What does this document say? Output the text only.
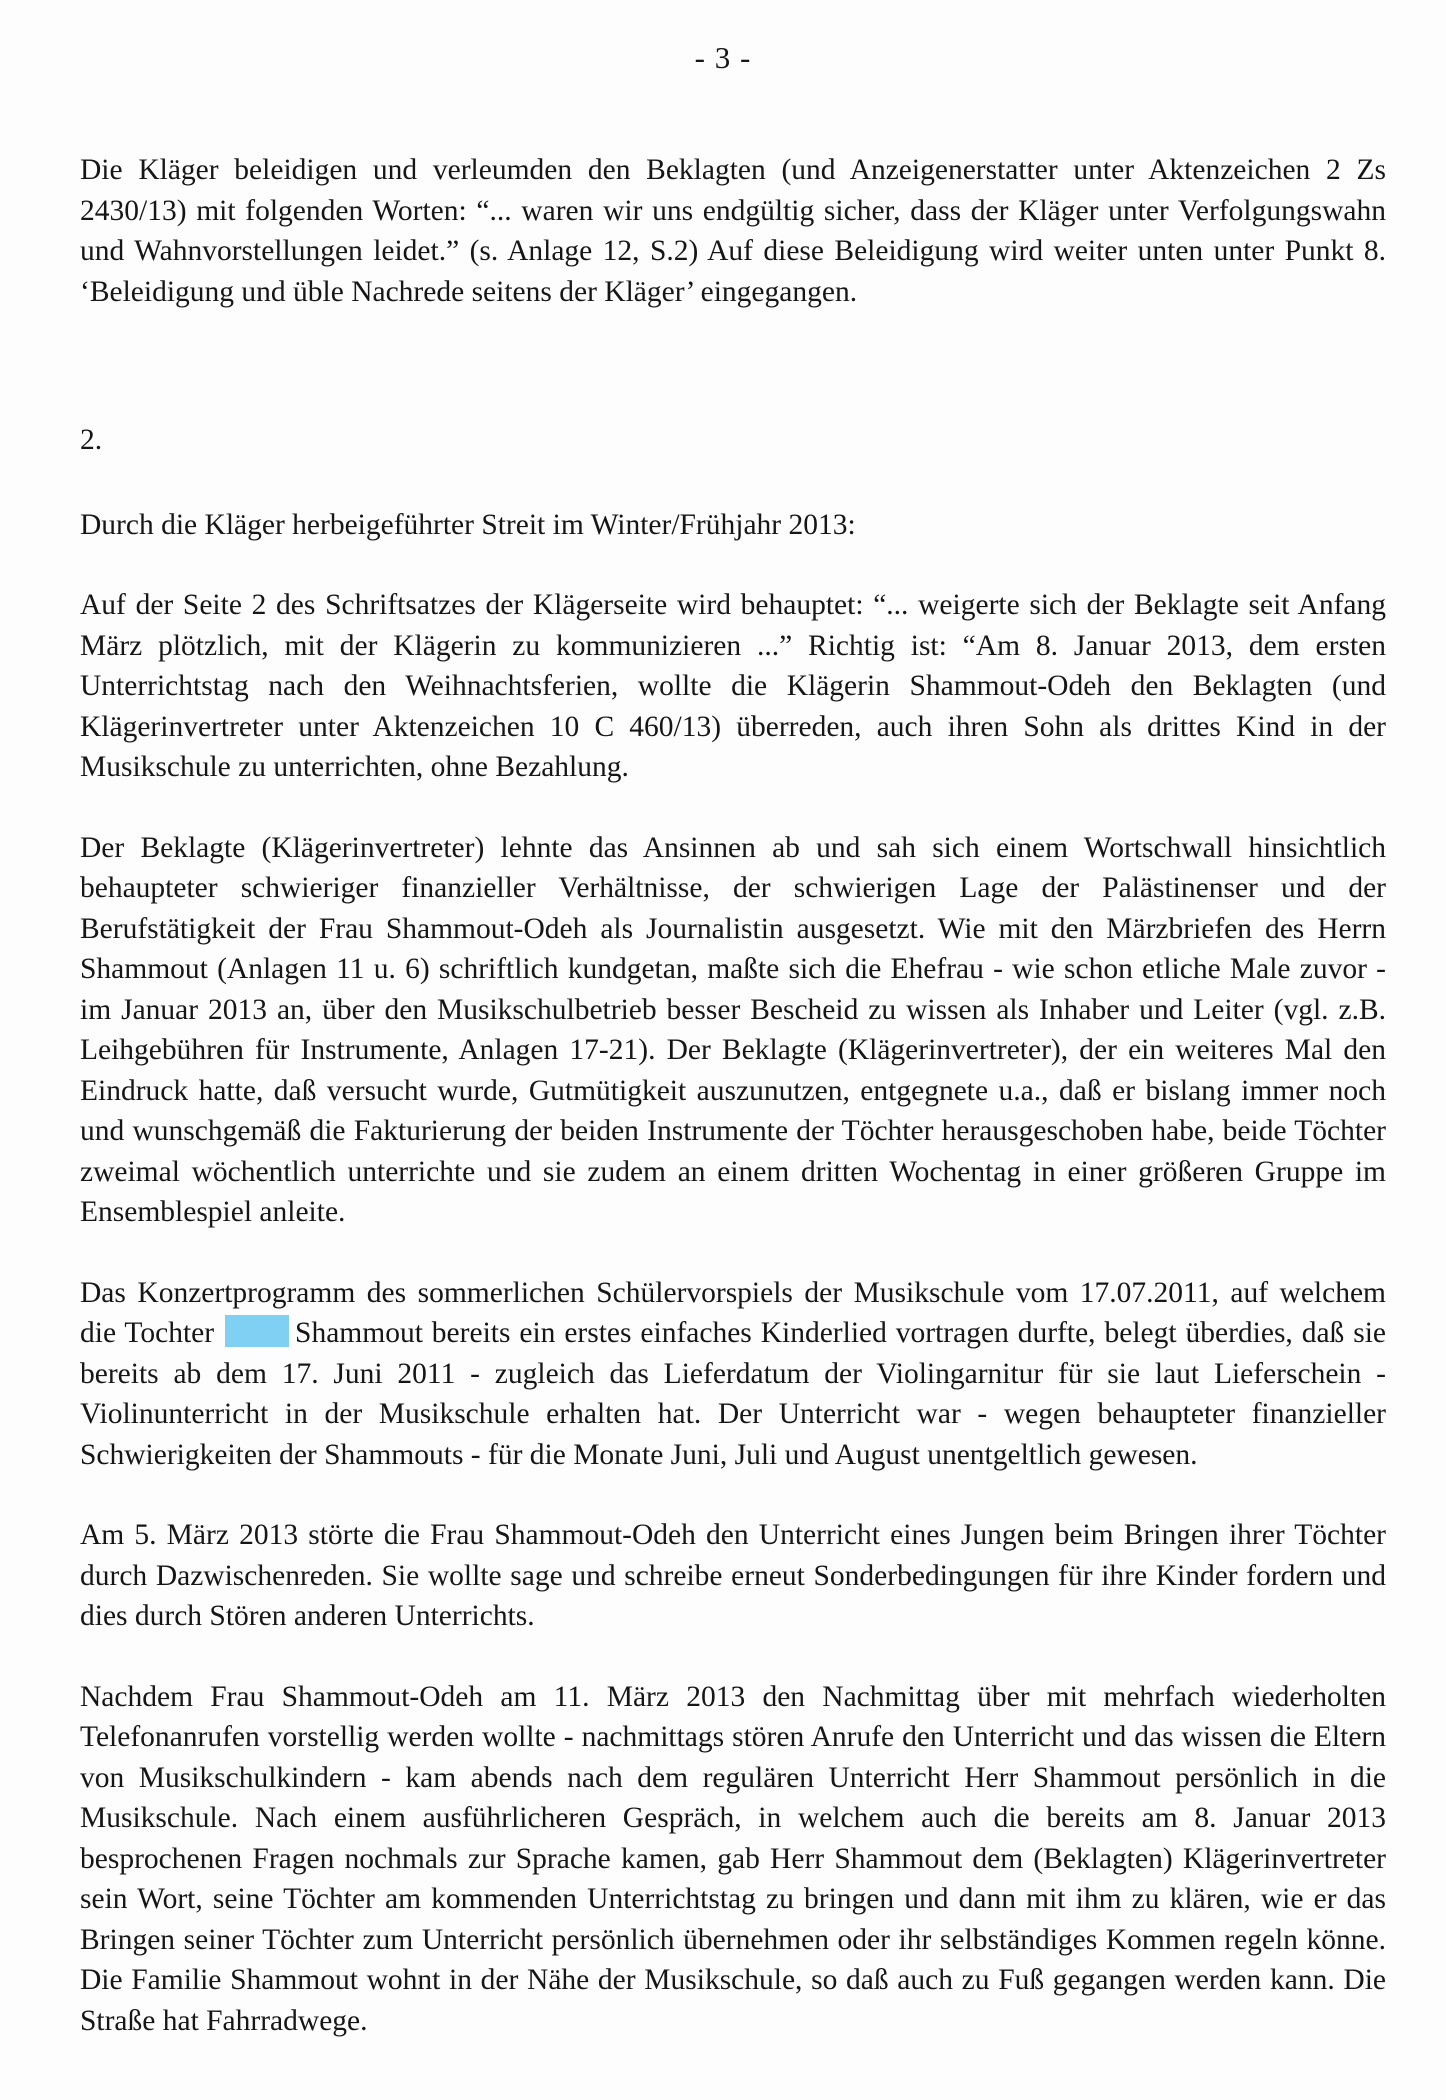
- 3 -

Die Kläger beleidigen und verleumden den Beklagten (und Anzeigenerstatter unter Aktenzeichen 2 Zs 2430/13) mit folgenden Worten: “... waren wir uns endgültig sicher, dass der Kläger unter Verfolgungswahn und Wahnvorstellungen leidet.” (s. Anlage 12, S.2) Auf diese Beleidigung wird weiter unten unter Punkt 8. ‘Beleidigung und üble Nachrede seitens der Kläger’ eingegangen.

2.

Durch die Kläger herbeigeführter Streit im Winter/Frühjahr 2013:

Auf der Seite 2 des Schriftsatzes der Klägerseite wird behauptet: “... weigerte sich der Beklagte seit Anfang März plötzlich, mit der Klägerin zu kommunizieren ...” Richtig ist: “Am 8. Januar 2013, dem ersten Unterrichtstag nach den Weihnachtsferien, wollte die Klägerin Shammout-Odeh den Beklagten (und Klägerinvertreter unter Aktenzeichen 10 C 460/13) überreden, auch ihren Sohn als drittes Kind in der Musikschule zu unterrichten, ohne Bezahlung.

Der Beklagte (Klägerinvertreter) lehnte das Ansinnen ab und sah sich einem Wortschwall hinsichtlich behaupteter schwieriger finanzieller Verhältnisse, der schwierigen Lage der Palästinenser und der Berufstätigkeit der Frau Shammout-Odeh als Journalistin ausgesetzt. Wie mit den Märzbriefen des Herrn Shammout (Anlagen 11 u. 6) schriftlich kundgetan, maßte sich die Ehefrau - wie schon etliche Male zuvor - im Januar 2013 an, über den Musikschulbetrieb besser Bescheid zu wissen als Inhaber und Leiter (vgl. z.B. Leihgebühren für Instrumente, Anlagen 17-21). Der Beklagte (Klägerinvertreter), der ein weiteres Mal den Eindruck hatte, daß versucht wurde, Gutmütigkeit auszunutzen, entgegnete u.a., daß er bislang immer noch und wunschgemäß die Fakturierung der beiden Instrumente der Töchter herausgeschoben habe, beide Töchter zweimal wöchentlich unterrichte und sie zudem an einem dritten Wochentag in einer größeren Gruppe im Ensemblespiel anleite.

Das Konzertprogramm des sommerlichen Schülervorspiels der Musikschule vom 17.07.2011, auf welchem die Tochter	Shammout bereits ein erstes einfaches Kinderlied vortragen durfte, belegt überdies, daß sie bereits ab dem 17. Juni 2011 - zugleich das Lieferdatum der Violingarnitur für sie laut Lieferschein - Violinunterricht in der Musikschule erhalten hat. Der Unterricht war - wegen behaupteter finanzieller Schwierigkeiten der Shammouts - für die Monate Juni, Juli und August unentgeltlich gewesen.

Am 5. März 2013 störte die Frau Shammout-Odeh den Unterricht eines Jungen beim Bringen ihrer Töchter durch Dazwischenreden. Sie wollte sage und schreibe erneut Sonderbedingungen für ihre Kinder fordern und dies durch Stören anderen Unterrichts.

Nachdem Frau Shammout-Odeh am 11. März 2013 den Nachmittag über mit mehrfach wiederholten Telefonanrufen vorstellig werden wollte - nachmittags stören Anrufe den Unterricht und das wissen die Eltern von Musikschulkindern - kam abends nach dem regulären Unterricht Herr Shammout persönlich in die Musikschule. Nach einem ausführlicheren Gespräch, in welchem auch die bereits am 8. Januar 2013 besprochenen Fragen nochmals zur Sprache kamen, gab Herr Shammout dem (Beklagten) Klägerinvertreter sein Wort, seine Töchter am kommenden Unterrichtstag zu bringen und dann mit ihm zu klären, wie er das Bringen seiner Töchter zum Unterricht persönlich übernehmen oder ihr selbständiges Kommen regeln könne. Die Familie Shammout wohnt in der Nähe der Musikschule, so daß auch zu Fuß gegangen werden kann. Die Straße hat Fahrradwege.
